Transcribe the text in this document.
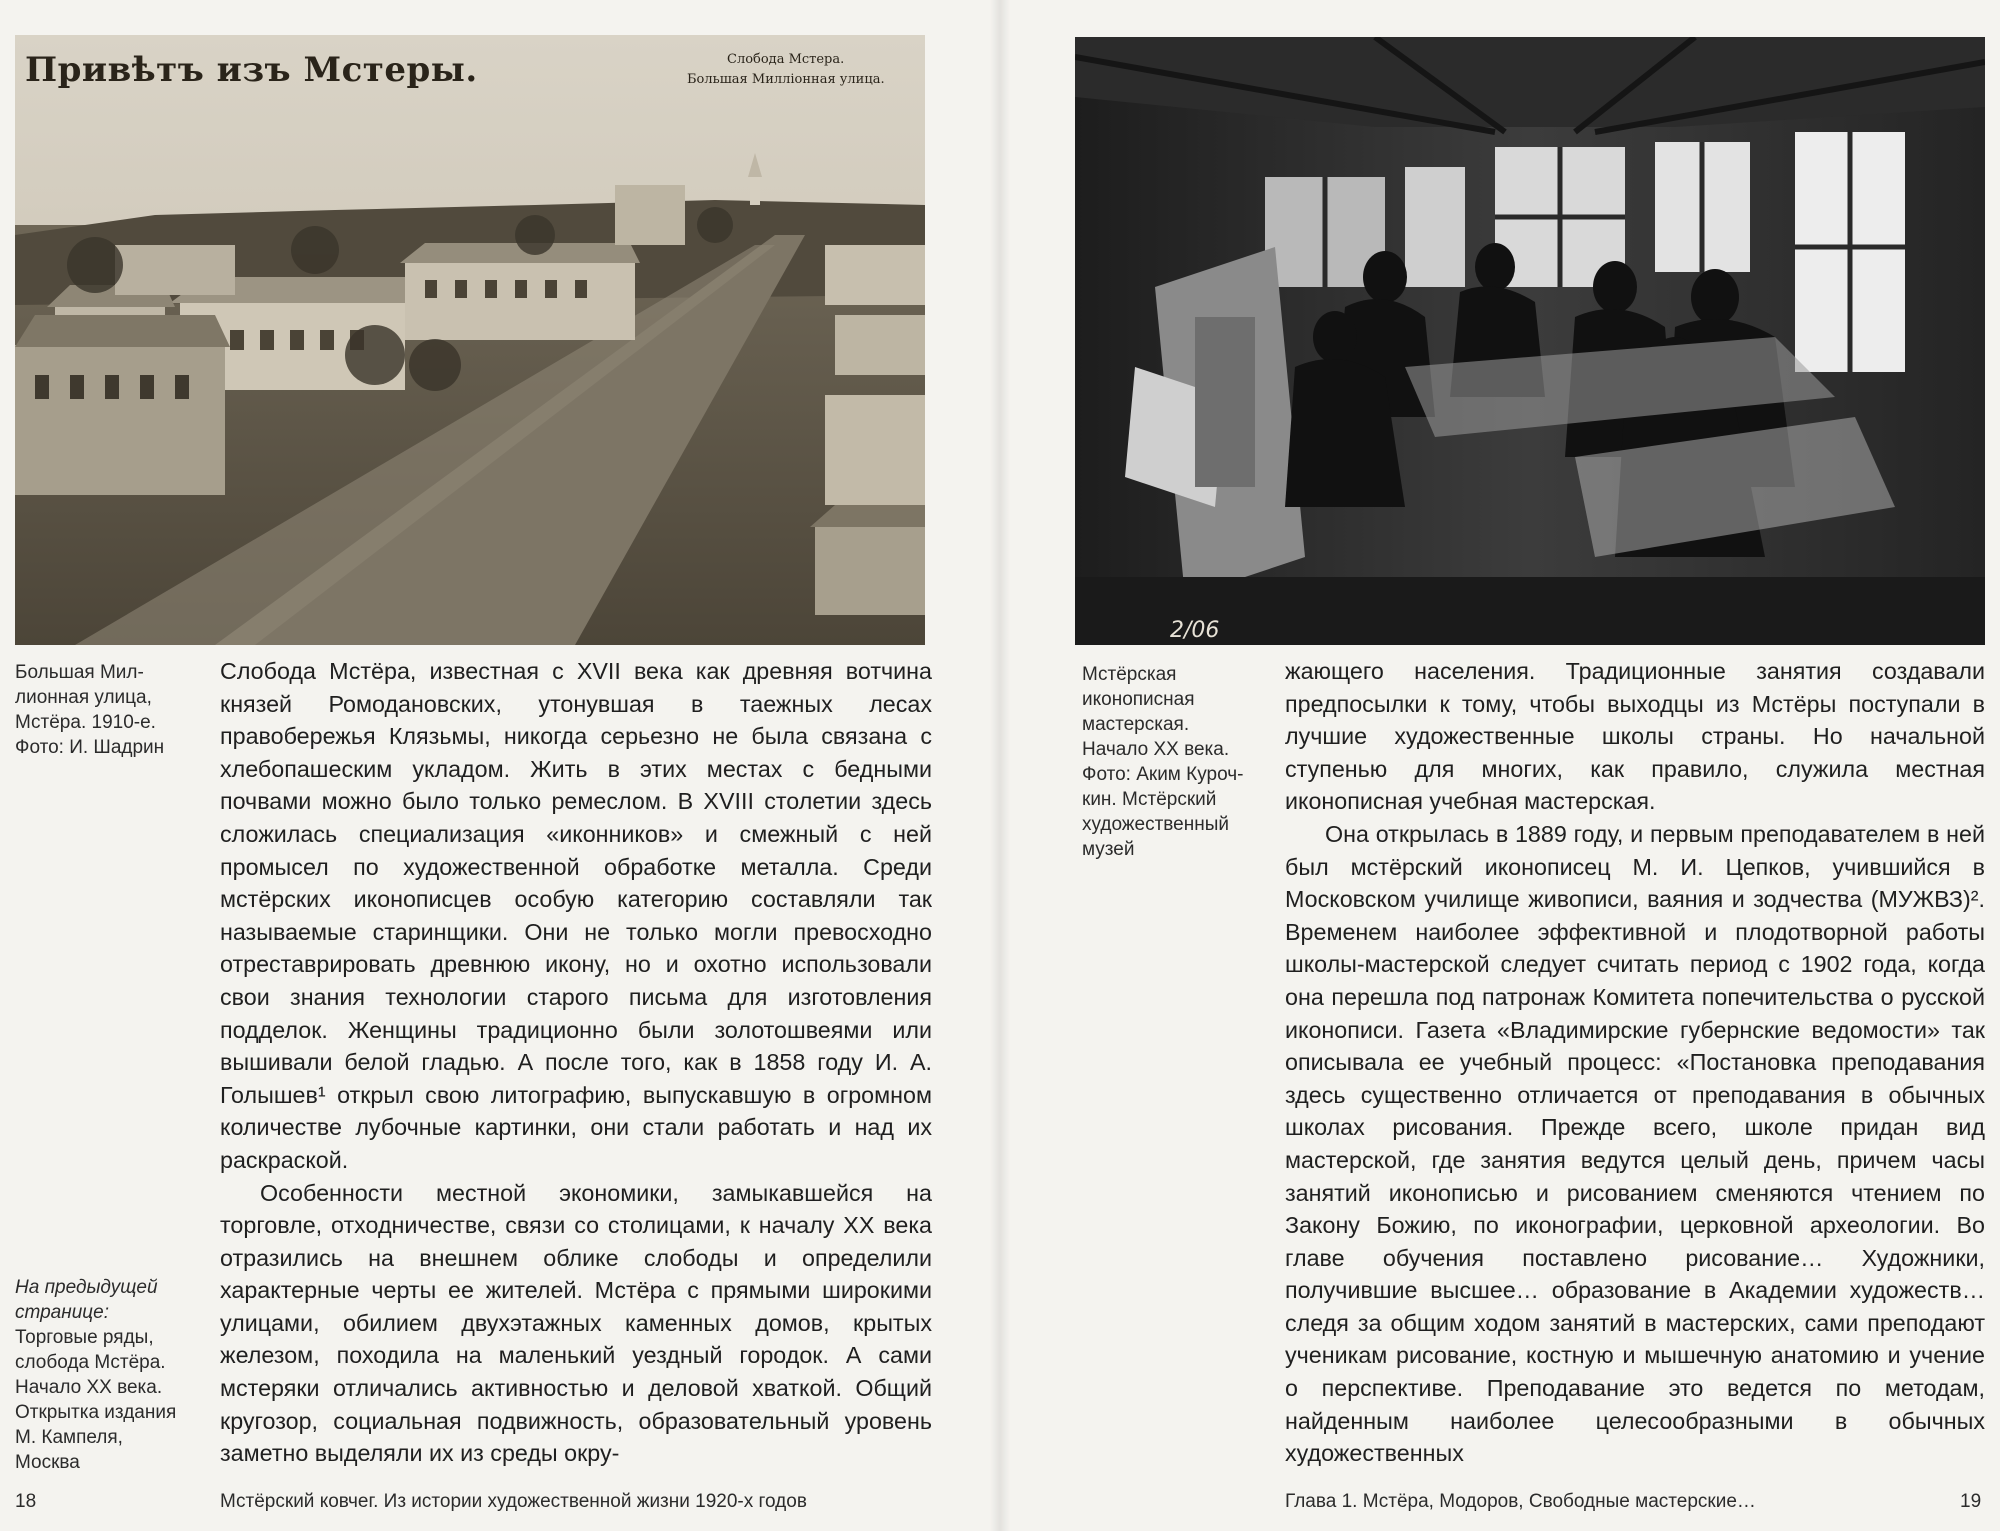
Привѣтъ изъ Мстеры.	Слобода Мстера.
Большая Милліонная улица.
Большая Мил-
лионная улица,
Мстёра. 1910-е.
Фото: И. Шадрин
На предыдущей странице:
Торговые ряды,
слобода Мстёра.
Начало XX века.
Открытка издания
М. Кампеля,
Москва

Слобода Мстёра, известная с XVII века как древняя вотчина князей Ромодановских, утонувшая в таежных лесах правобережья Клязьмы, никогда серьезно не была связана с хлебопашеским укладом. Жить в этих местах с бедными почвами можно было только ремеслом. В XVIII столетии здесь сложилась специализация «иконников» и смежный с ней промысел по художественной обработке металла. Среди мстёрских иконописцев особую категорию составляли так называемые старинщики. Они не только могли превосходно отреставрировать древнюю икону, но и охотно использовали свои знания технологии старого письма для изготовления подделок. Женщины традиционно были золотошвеями или вышивали белой гладью. А после того, как в 1858 году И. А. Голышев¹ открыл свою литографию, выпускавшую в огромном количестве лубочные картинки, они стали работать и над их раскраской.

Особенности местной экономики, замыкавшейся на торговле, отходничестве, связи со столицами, к началу XX века отразились на внешнем облике слободы и определили характерные черты ее жителей. Мстёра с прямыми широкими улицами, обилием двухэтажных каменных домов, крытых железом, походила на маленький уездный городок. А сами мстеряки отличались активностью и деловой хваткой. Общий кругозор, социальная подвижность, образовательный уровень заметно выделяли их из среды окру-

18	Мстёрский ковчег. Из истории художественной жизни 1920-х годов
2/06
Мстёрская
иконописная
мастерская.
Начало XX века.
Фото: Аким Куроч-
кин. Мстёрский
художественный
музей

жающего населения. Традиционные занятия создавали предпосылки к тому, чтобы выходцы из Мстёры поступали в лучшие художественные школы страны. Но начальной ступенью для многих, как правило, служила местная иконописная учебная мастерская.

Она открылась в 1889 году, и первым преподавателем в ней был мстёрский иконописец М. И. Цепков, учившийся в Московском училище живописи, ваяния и зодчества (МУЖВЗ)². Временем наиболее эффективной и плодотворной работы школы-мастерской следует считать период с 1902 года, когда она перешла под патронаж Комитета попечительства о русской иконописи. Газета «Владимирские губернские ведомости» так описывала ее учебный процесс: «Постановка преподавания здесь существенно отличается от преподавания в обычных школах рисования. Прежде всего, школе придан вид мастерской, где занятия ведутся целый день, причем часы занятий иконописью и рисованием сменяются чтением по Закону Божию, по иконографии, церковной археологии. Во главе обучения поставлено рисование… Художники, получившие высшее… образование в Академии художеств… следя за общим ходом занятий в мастерских, сами преподают ученикам рисование, костную и мышечную анатомию и учение о перспективе. Преподавание это ведется по методам, найденным наиболее целесообразными в обычных художественных

Глава 1. Мстёра, Модоров, Свободные мастерские…	19
